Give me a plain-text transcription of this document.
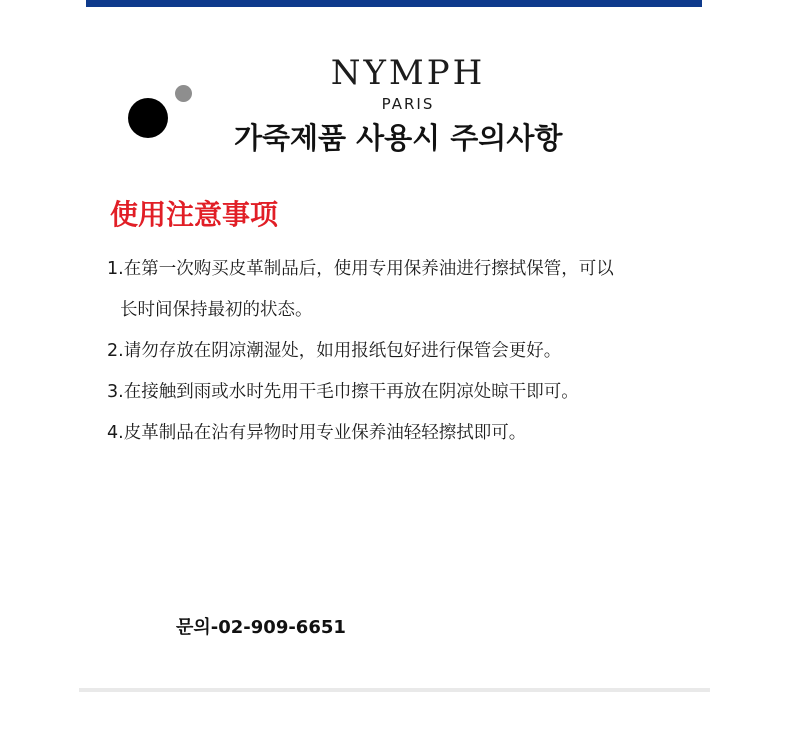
NYMPH
PARIS
가죽제품 사용시 주의사항
使用注意事项
1.在第一次购买皮革制品后，使用专用保养油进行擦拭保管，可以
长时间保持最初的状态。
2.请勿存放在阴凉潮湿处，如用报纸包好进行保管会更好。
3.在接触到雨或水时先用干毛巾擦干再放在阴凉处晾干即可。
4.皮革制品在沾有异物时用专业保养油轻轻擦拭即可。
문의-02-909-6651
